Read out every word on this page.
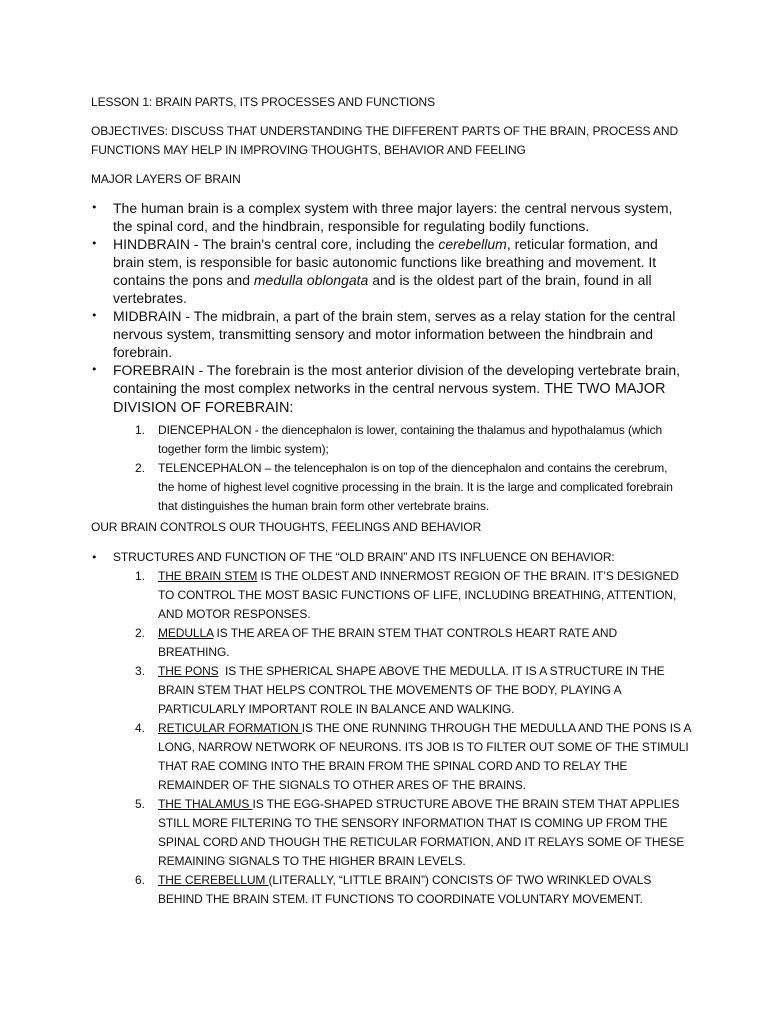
LESSON 1: BRAIN PARTS, ITS PROCESSES AND FUNCTIONS

OBJECTIVES: DISCUSS THAT UNDERSTANDING THE DIFFERENT PARTS OF THE BRAIN, PROCESS AND

FUNCTIONS MAY HELP IN IMPROVING THOUGHTS, BEHAVIOR AND FEELING

MAJOR LAYERS OF BRAIN

• The human brain is a complex system with three major layers: the central nervous system, the spinal cord, and the hindbrain, responsible for regulating bodily functions.
• HINDBRAIN - The brain's central core, including the cerebellum, reticular formation, and brain stem, is responsible for basic autonomic functions like breathing and movement. It contains the pons and medulla oblongata and is the oldest part of the brain, found in all vertebrates.
• MIDBRAIN - The midbrain, a part of the brain stem, serves as a relay station for the central nervous system, transmitting sensory and motor information between the hindbrain and forebrain.
• FOREBRAIN - The forebrain is the most anterior division of the developing vertebrate brain, containing the most complex networks in the central nervous system. THE TWO MAJOR DIVISION OF FOREBRAIN:
1. DIENCEPHALON - the diencephalon is lower, containing the thalamus and hypothalamus (which together form the limbic system);
2. TELENCEPHALON – the telencephalon is on top of the diencephalon and contains the cerebrum, the home of highest level cognitive processing in the brain. It is the large and complicated forebrain that distinguishes the human brain form other vertebrate brains.

OUR BRAIN CONTROLS OUR THOUGHTS, FEELINGS AND BEHAVIOR

• STRUCTURES AND FUNCTION OF THE “OLD BRAIN” AND ITS INFLUENCE ON BEHAVIOR:
1. THE BRAIN STEM IS THE OLDEST AND INNERMOST REGION OF THE BRAIN. IT’S DESIGNED TO CONTROL THE MOST BASIC FUNCTIONS OF LIFE, INCLUDING BREATHING, ATTENTION, AND MOTOR RESPONSES.
2. MEDULLA IS THE AREA OF THE BRAIN STEM THAT CONTROLS HEART RATE AND BREATHING.
3. THE PONS  IS THE SPHERICAL SHAPE ABOVE THE MEDULLA. IT IS A STRUCTURE IN THE BRAIN STEM THAT HELPS CONTROL THE MOVEMENTS OF THE BODY, PLAYING A PARTICULARLY IMPORTANT ROLE IN BALANCE AND WALKING.
4. RETICULAR FORMATION IS THE ONE RUNNING THROUGH THE MEDULLA AND THE PONS IS A LONG, NARROW NETWORK OF NEURONS. ITS JOB IS TO FILTER OUT SOME OF THE STIMULI THAT RAE COMING INTO THE BRAIN FROM THE SPINAL CORD AND TO RELAY THE REMAINDER OF THE SIGNALS TO OTHER ARES OF THE BRAINS.
5. THE THALAMUS IS THE EGG-SHAPED STRUCTURE ABOVE THE BRAIN STEM THAT APPLIES STILL MORE FILTERING TO THE SENSORY INFORMATION THAT IS COMING UP FROM THE SPINAL CORD AND THOUGH THE RETICULAR FORMATION, AND IT RELAYS SOME OF THESE REMAINING SIGNALS TO THE HIGHER BRAIN LEVELS.
6. THE CEREBELLUM (LITERALLY, “LITTLE BRAIN”) CONCISTS OF TWO WRINKLED OVALS BEHIND THE BRAIN STEM. IT FUNCTIONS TO COORDINATE VOLUNTARY MOVEMENT.
